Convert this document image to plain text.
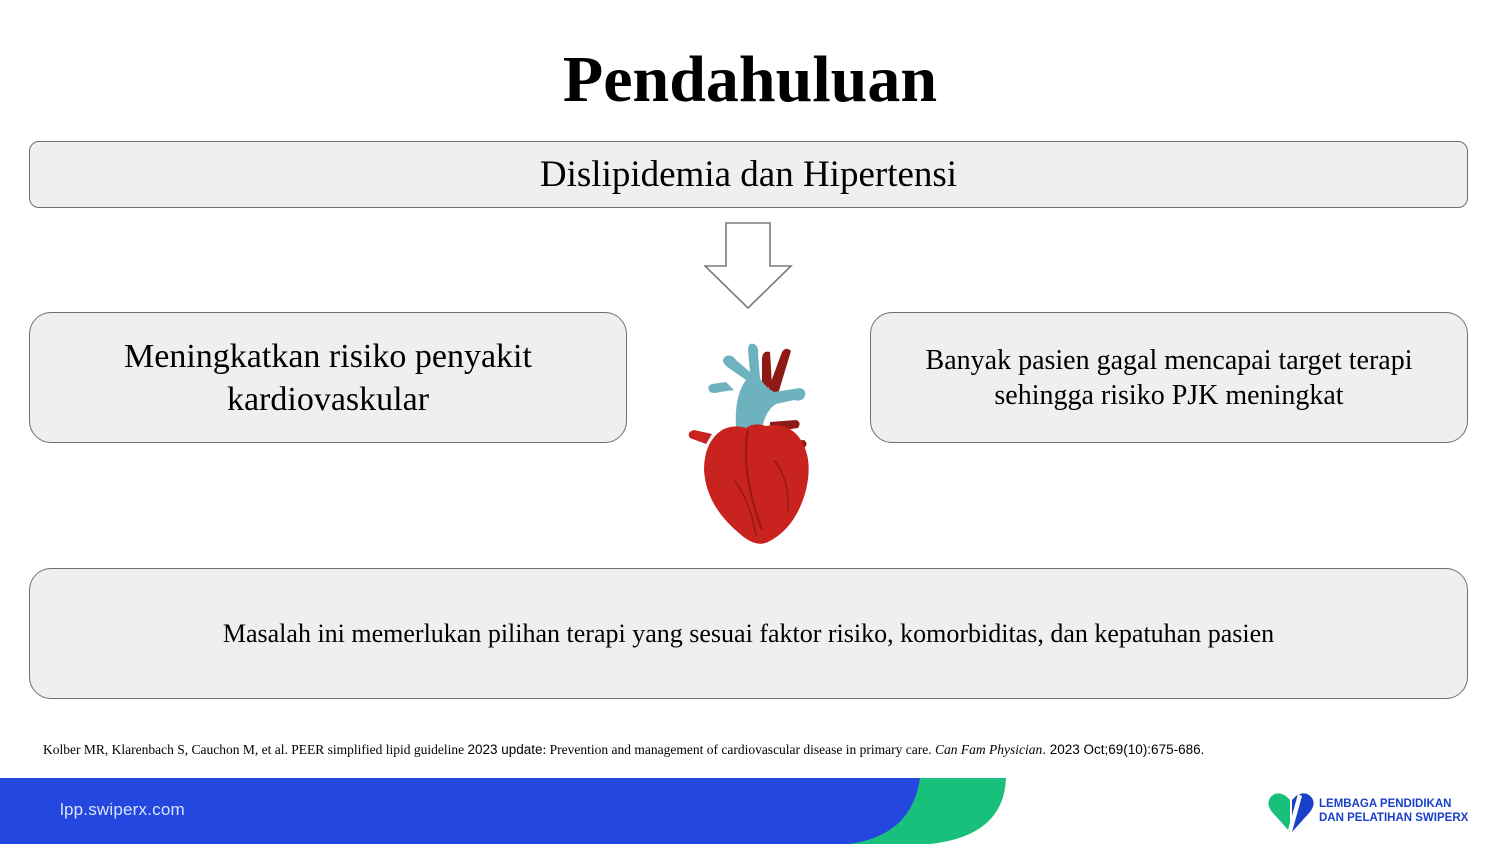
Pendahuluan
Dislipidemia dan Hipertensi
Meningkatkan risiko penyakit kardiovaskular
Banyak pasien gagal mencapai target terapi sehingga risiko PJK meningkat
Masalah ini memerlukan pilihan terapi yang sesuai faktor risiko, komorbiditas, dan kepatuhan pasien
Kolber MR, Klarenbach S, Cauchon M, et al. PEER simplified lipid guideline 2023 update: Prevention and management of cardiovascular disease in primary care. Can Fam Physician. 2023 Oct;69(10):675-686.
lpp.swiperx.com	LEMBAGA PENDIDIKAN
DAN PELATIHAN SWIPERX
